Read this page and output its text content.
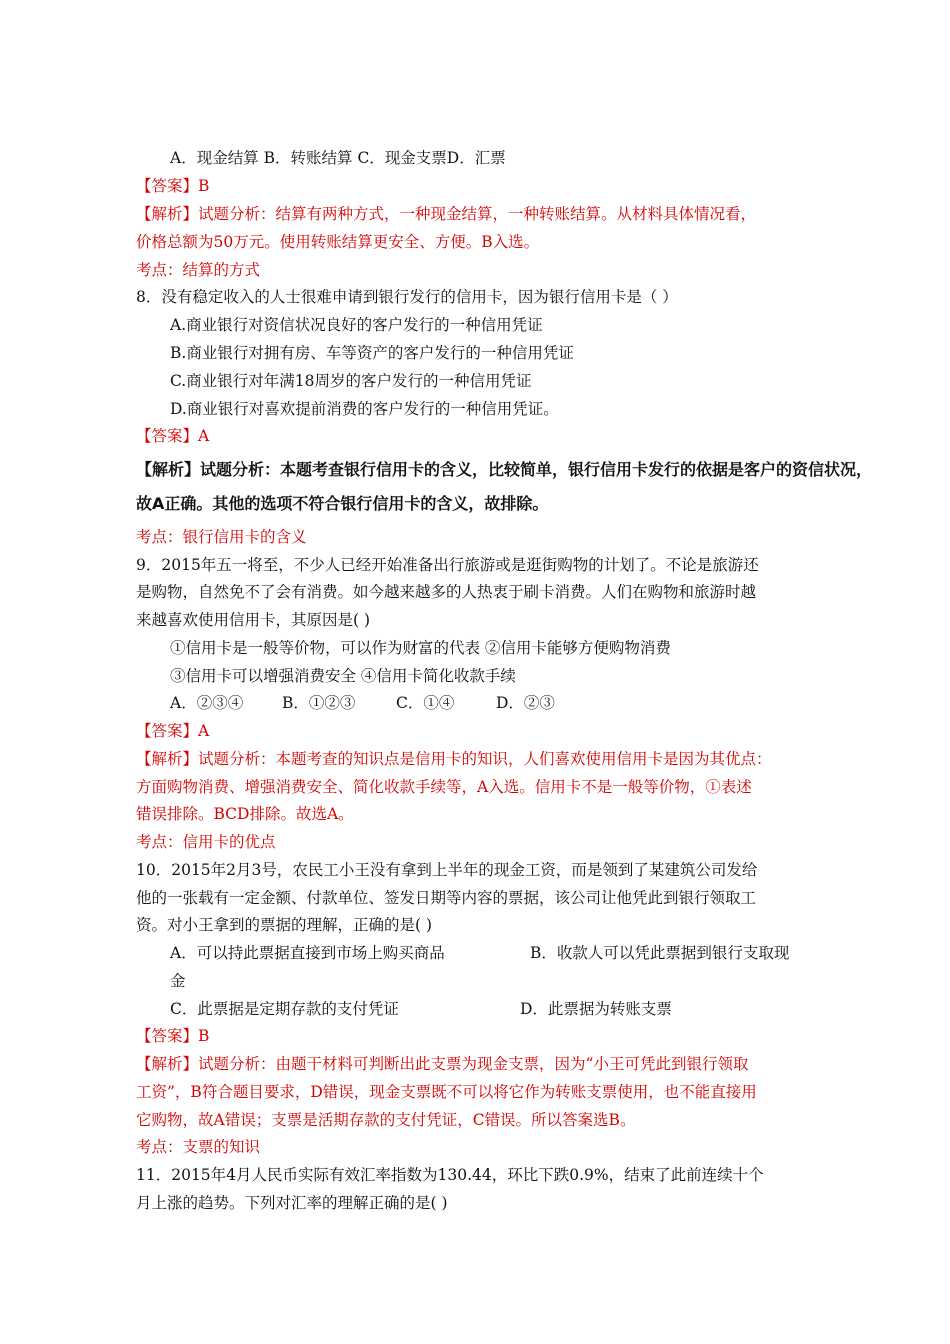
A．现金结算 B．转账结算 C．现金支票D．汇票
【答案】B
【解析】试题分析：结算有两种方式，一种现金结算，一种转账结算。从材料具体情况看，
价格总额为50万元。使用转账结算更安全、方便。B入选。
考点：结算的方式
8．没有稳定收入的人士很难申请到银行发行的信用卡，因为银行信用卡是（ ）
A.商业银行对资信状况良好的客户发行的一种信用凭证
B.商业银行对拥有房、车等资产的客户发行的一种信用凭证
C.商业银行对年满18周岁的客户发行的一种信用凭证
D.商业银行对喜欢提前消费的客户发行的一种信用凭证。
【答案】A
【解析】试题分析：本题考查银行信用卡的含义，比较简单，银行信用卡发行的依据是客户的资信状况，
故A正确。其他的选项不符合银行信用卡的含义，故排除。
考点：银行信用卡的含义
9．2015年五一将至，不少人已经开始准备出行旅游或是逛街购物的计划了。不论是旅游还
是购物，自然免不了会有消费。如今越来越多的人热衷于刷卡消费。人们在购物和旅游时越
来越喜欢使用信用卡，其原因是( )
①信用卡是一般等价物，可以作为财富的代表 ②信用卡能够方便购物消费
③信用卡可以增强消费安全 ④信用卡简化收款手续
A．②③④	B．①②③	C．①④	D．②③
【答案】A
【解析】试题分析：本题考查的知识点是信用卡的知识，人们喜欢使用信用卡是因为其优点：
方面购物消费、增强消费安全、简化收款手续等，A入选。信用卡不是一般等价物，①表述
错误排除。BCD排除。故选A。
考点：信用卡的优点
10．2015年2月3号，农民工小王没有拿到上半年的现金工资，而是领到了某建筑公司发给
他的一张载有一定金额、付款单位、签发日期等内容的票据，该公司让他凭此到银行领取工
资。对小王拿到的票据的理解，正确的是( )
A．可以持此票据直接到市场上购买商品	B．收款人可以凭此票据到银行支取现
金
C．此票据是定期存款的支付凭证	D．此票据为转账支票
【答案】B
【解析】试题分析：由题干材料可判断出此支票为现金支票，因为“小王可凭此到银行领取
工资”，B符合题目要求，D错误，现金支票既不可以将它作为转账支票使用，也不能直接用
它购物，故A错误；支票是活期存款的支付凭证，C错误。所以答案选B。
考点：支票的知识
11．2015年4月人民币实际有效汇率指数为130.44，环比下跌0.9%，结束了此前连续十个
月上涨的趋势。下列对汇率的理解正确的是( )
